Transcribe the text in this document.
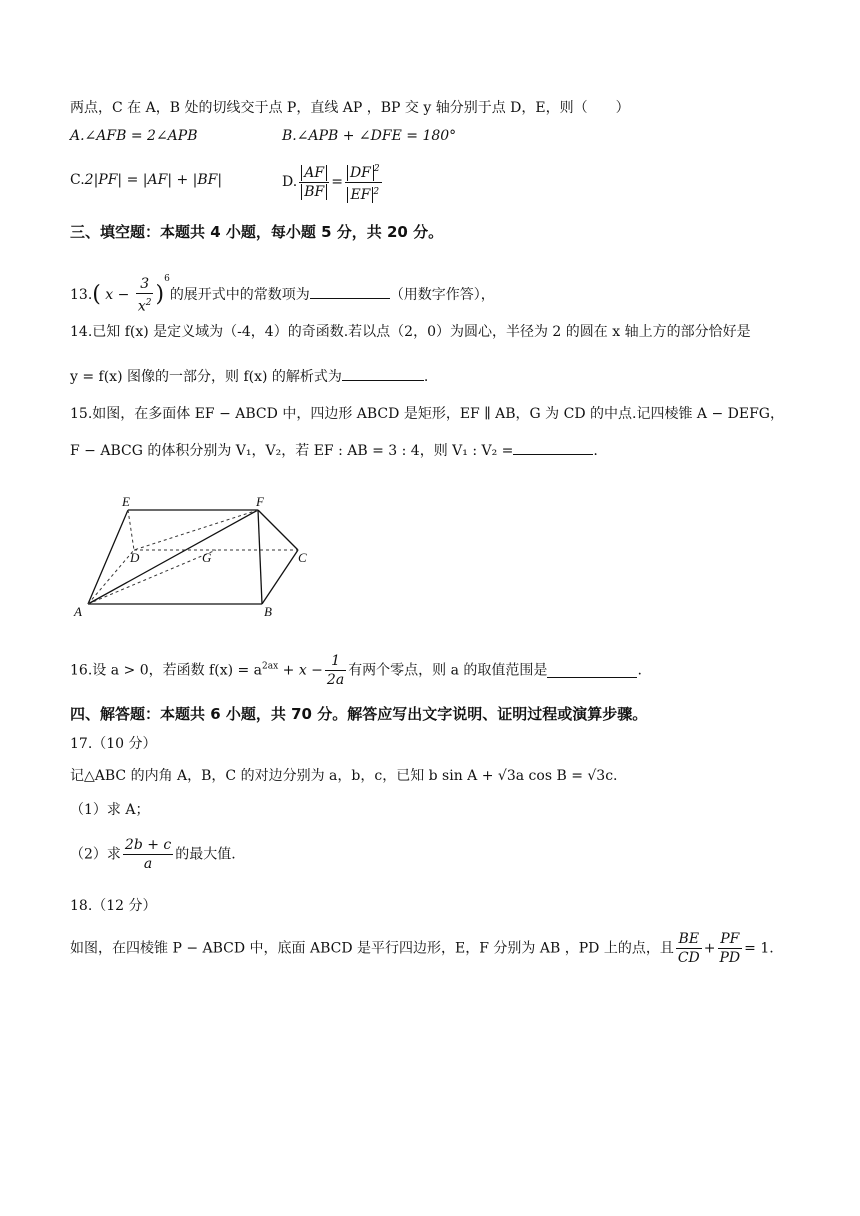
两点，C 在 A，B 处的切线交于点 P，直线 AP ，BP 交 y 轴分别于点 D，E，则（　　）
A.∠AFB = 2∠APB	B.∠APB + ∠DFE = 180°
C.2|PF| = |AF| + |BF|	D. $\frac{AF}{BF} = \frac{DF ^2}{EF ^2}$
三、填空题：本题共 4 小题，每小题 5 分，共 20 分。
13.( $x - \frac{3}{x^2} )^6$的展开式中的常数项为	（用数字作答），
14.已知 f(x) 是定义域为（-4，4）的奇函数.若以点（2，0）为圆心，半径为 2 的圆在 x 轴上方的部分恰好是
y = f(x) 图像的一部分，则 f(x) 的解析式为	.
15.如图，在多面体 EF − ABCD 中，四边形 ABCD 是矩形，EF ∥ AB，G 为 CD 的中点.记四棱锥 A − DEFG，
F − ABCG 的体积分别为 V₁，V₂，若 EF : AB = 3 : 4，则 V₁ : V₂ =	.
E	F
D	G	C
A	B
16.设 a > 0，若函数 $f(x) = a^{2ax} + x - \frac{1}{2a}$ 有两个零点，则 a 的取值范围是	.
四、解答题：本题共 6 小题，共 70 分。解答应写出文字说明、证明过程或演算步骤。
17.（10 分）
记△ABC 的内角 A，B，C 的对边分别为 a，b，c，已知 b sin A + √3a cos B = √3c.
（1）求 A；
（2）求 $\frac{2b + c}{a}$ 的最大值.
18.（12 分）
如图，在四棱锥 P − ABCD 中，底面 ABCD 是平行四边形，E，F 分别为 AB ，PD 上的点，且 $\frac{BE}{CD} + \frac{PF}{PD} = 1$.
